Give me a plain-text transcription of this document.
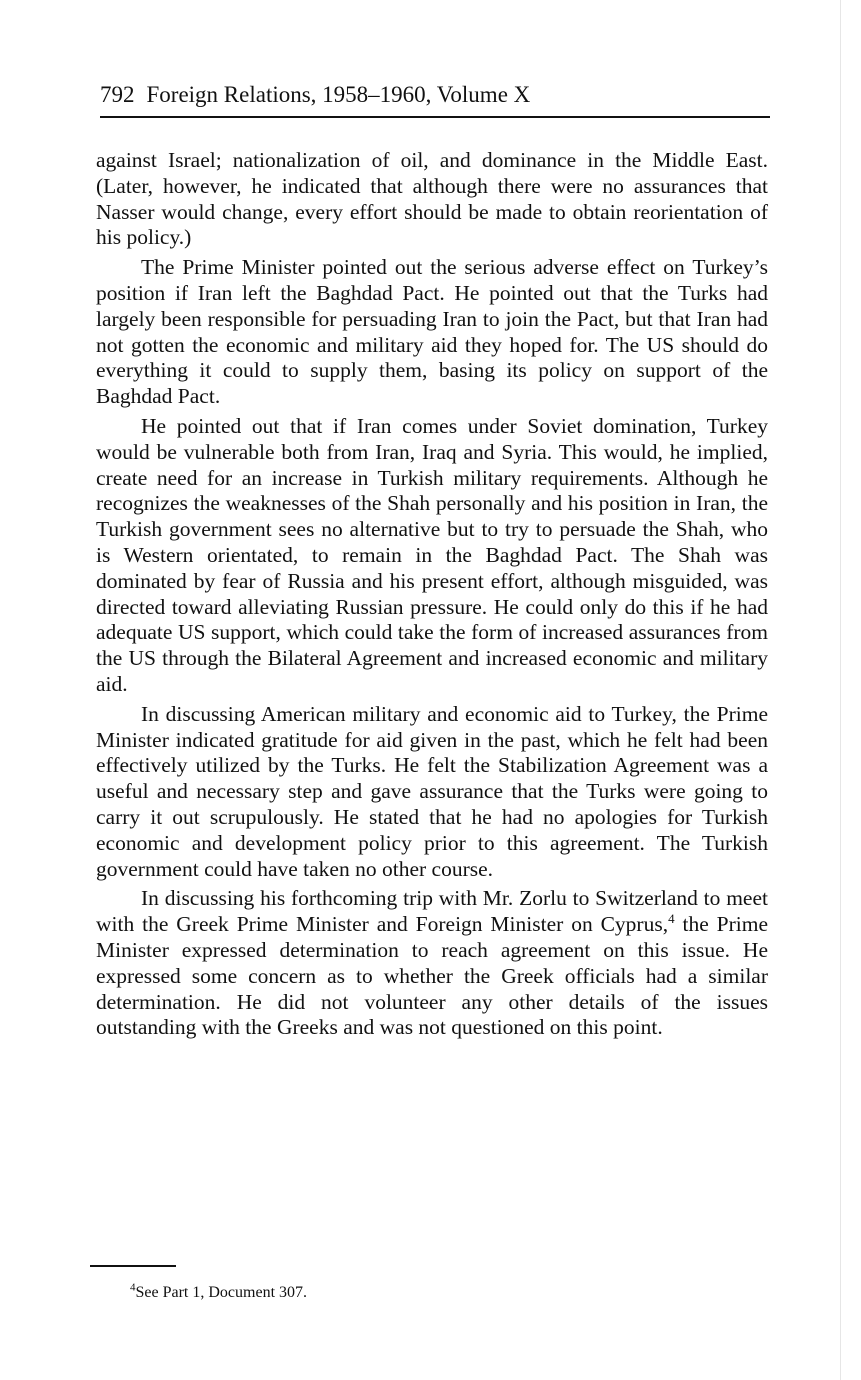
792 Foreign Relations, 1958–1960, Volume X

against Israel; nationalization of oil, and dominance in the Middle East. (Later, however, he indicated that although there were no assurances that Nasser would change, every effort should be made to obtain reorientation of his policy.)

The Prime Minister pointed out the serious adverse effect on Turkey’s position if Iran left the Baghdad Pact. He pointed out that the Turks had largely been responsible for persuading Iran to join the Pact, but that Iran had not gotten the economic and military aid they hoped for. The US should do everything it could to supply them, basing its policy on support of the Baghdad Pact.

He pointed out that if Iran comes under Soviet domination, Turkey would be vulnerable both from Iran, Iraq and Syria. This would, he implied, create need for an increase in Turkish military requirements. Although he recognizes the weaknesses of the Shah personally and his position in Iran, the Turkish government sees no alternative but to try to persuade the Shah, who is Western orientated, to remain in the Baghdad Pact. The Shah was dominated by fear of Russia and his present effort, although misguided, was directed toward alleviating Russian pressure. He could only do this if he had adequate US support, which could take the form of increased assurances from the US through the Bilateral Agreement and increased economic and military aid.

In discussing American military and economic aid to Turkey, the Prime Minister indicated gratitude for aid given in the past, which he felt had been effectively utilized by the Turks. He felt the Stabilization Agreement was a useful and necessary step and gave assurance that the Turks were going to carry it out scrupulously. He stated that he had no apologies for Turkish economic and development policy prior to this agreement. The Turkish government could have taken no other course.

In discussing his forthcoming trip with Mr. Zorlu to Switzerland to meet with the Greek Prime Minister and Foreign Minister on Cyprus,$^4$ the Prime Minister expressed determination to reach agreement on this issue. He expressed some concern as to whether the Greek officials had a similar determination. He did not volunteer any other details of the issues outstanding with the Greeks and was not questioned on this point.

$^4$See Part 1, Document 307.
